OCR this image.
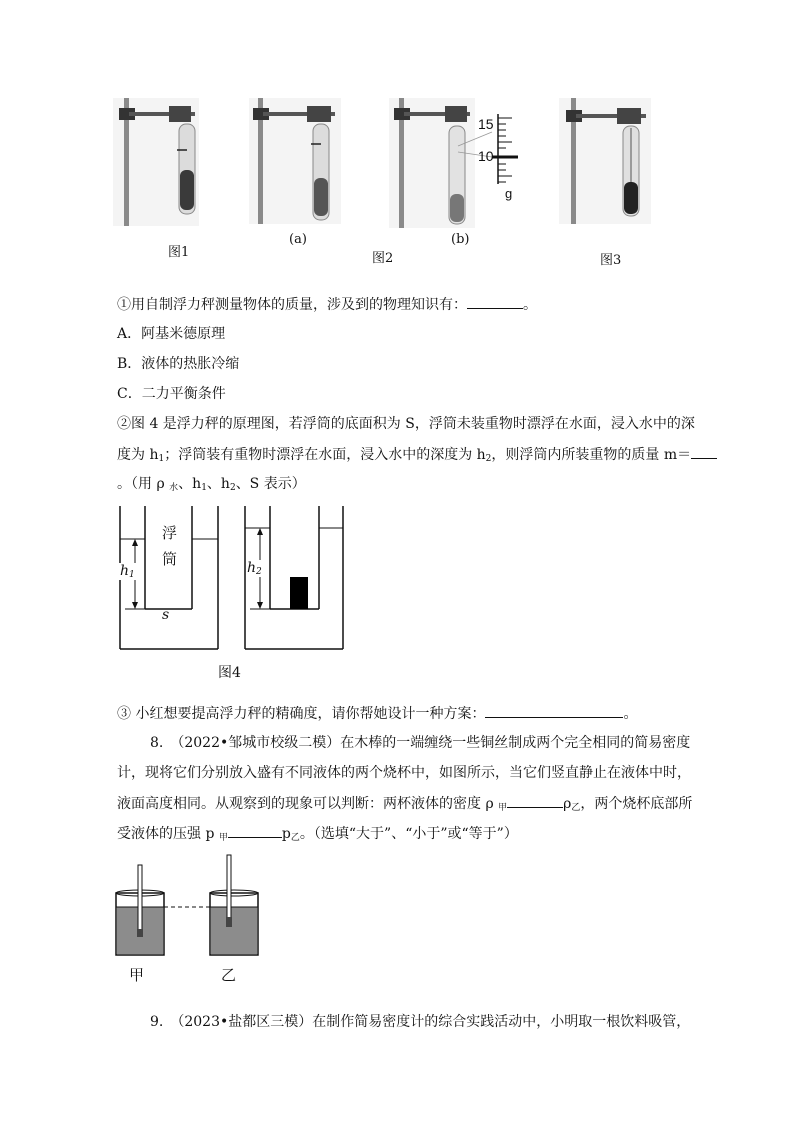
15
10
g
图1
(a)
图2
(b)
图3
①用自制浮力秤测量物体的质量，涉及到的物理知识有：	。
A．阿基米德原理
B．液体的热胀冷缩
C．二力平衡条件
②图 4 是浮力秤的原理图，若浮筒的底面积为 S，浮筒未装重物时漂浮在水面，浸入水中的深
度为 $h_1$；浮筒装有重物时漂浮在水面，浸入水中的深度为 $h_2$，则浮筒内所装重物的质量 m＝
。（用 ρ $_水$、$h_1$、$h_2$、S 表示）
浮
筒
$h_1$
s
$h_2$
图4
③ 小红想要提高浮力秤的精确度，请你帮她设计一种方案：	。
8.　（2022•邹城市校级二模）在木棒的一端缠绕一些铜丝制成两个完全相同的简易密度
计，现将它们分别放入盛有不同液体的两个烧杯中，如图所示，当它们竖直静止在液体中时，
液面高度相同。从观察到的现象可以判断：两杯液体的密度 ρ $_甲$	$\rho_乙$，两个烧杯底部所
受液体的压强 p $_甲$	$p_乙$。（选填“大于”、“小于”或“等于”）
甲	乙
9.　（2023•盐都区三模）在制作简易密度计的综合实践活动中，小明取一根饮料吸管，
